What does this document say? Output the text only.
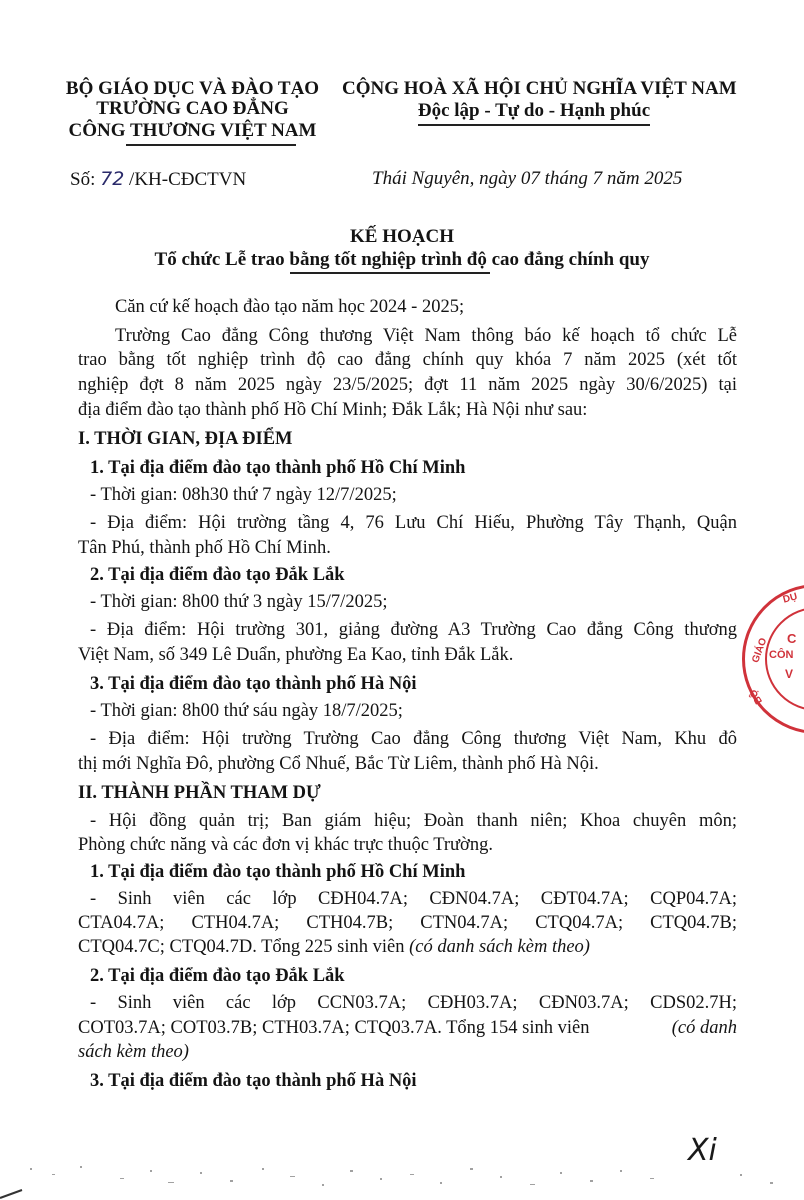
BỘ GIÁO DỤC VÀ ĐÀO TẠO
TRƯỜNG CAO ĐẲNG
CÔNG THƯƠNG VIỆT NAM
CỘNG HOÀ XÃ HỘI CHỦ NGHĨA VIỆT NAM
Độc lập - Tự do - Hạnh phúc
Số: 72 /KH-CĐCTVN	Thái Nguyên, ngày 07 tháng 7 năm 2025
KẾ HOẠCH
Tổ chức Lễ trao bằng tốt nghiệp trình độ cao đẳng chính quy
Căn cứ kế hoạch đào tạo năm học 2024 - 2025;
Trường Cao đẳng Công thương Việt Nam thông báo kế hoạch tổ chức Lễ
trao bằng tốt nghiệp trình độ cao đẳng chính quy khóa 7 năm 2025 (xét tốt
nghiệp đợt 8 năm 2025 ngày 23/5/2025; đợt 11 năm 2025 ngày 30/6/2025) tại
địa điểm đào tạo thành phố Hồ Chí Minh; Đắk Lắk; Hà Nội như sau:
I. THỜI GIAN, ĐỊA ĐIỂM
1. Tại địa điểm đào tạo thành phố Hồ Chí Minh
- Thời gian: 08h30 thứ 7 ngày 12/7/2025;
- Địa điểm: Hội trường tầng 4, 76 Lưu Chí Hiếu, Phường Tây Thạnh, Quận
Tân Phú, thành phố Hồ Chí Minh.
2. Tại địa điểm đào tạo Đắk Lắk
- Thời gian: 8h00 thứ 3 ngày 15/7/2025;
- Địa điểm: Hội trường 301, giảng đường A3 Trường Cao đẳng Công thương
Việt Nam, số 349 Lê Duẩn, phường Ea Kao, tỉnh Đắk Lắk.
3. Tại địa điểm đào tạo thành phố Hà Nội
- Thời gian: 8h00 thứ sáu ngày 18/7/2025;
- Địa điểm: Hội trường Trường Cao đẳng Công thương Việt Nam, Khu đô
thị mới Nghĩa Đô, phường Cổ Nhuế, Bắc Từ Liêm, thành phố Hà Nội.
II. THÀNH PHẦN THAM DỰ
- Hội đồng quản trị; Ban giám hiệu; Đoàn thanh niên; Khoa chuyên môn;
Phòng chức năng và các đơn vị khác trực thuộc Trường.
1. Tại địa điểm đào tạo thành phố Hồ Chí Minh
- Sinh viên các lớp CĐH04.7A; CĐN04.7A; CĐT04.7A; CQP04.7A;
CTA04.7A; CTH04.7A; CTH04.7B; CTN04.7A; CTQ04.7A; CTQ04.7B;
CTQ04.7C; CTQ04.7D. Tổng 225 sinh viên (có danh sách kèm theo)
2. Tại địa điểm đào tạo Đắk Lắk
- Sinh viên các lớp CCN03.7A; CĐH03.7A; CĐN03.7A; CDS02.7H;
COT03.7A; COT03.7B; CTH03.7A; CTQ03.7A. Tổng 154 sinh viên	(có danh
sách kèm theo)
3. Tại địa điểm đào tạo thành phố Hà Nội
GIÁO
DỤ
C
CÔN
V
BỘ
Xi
